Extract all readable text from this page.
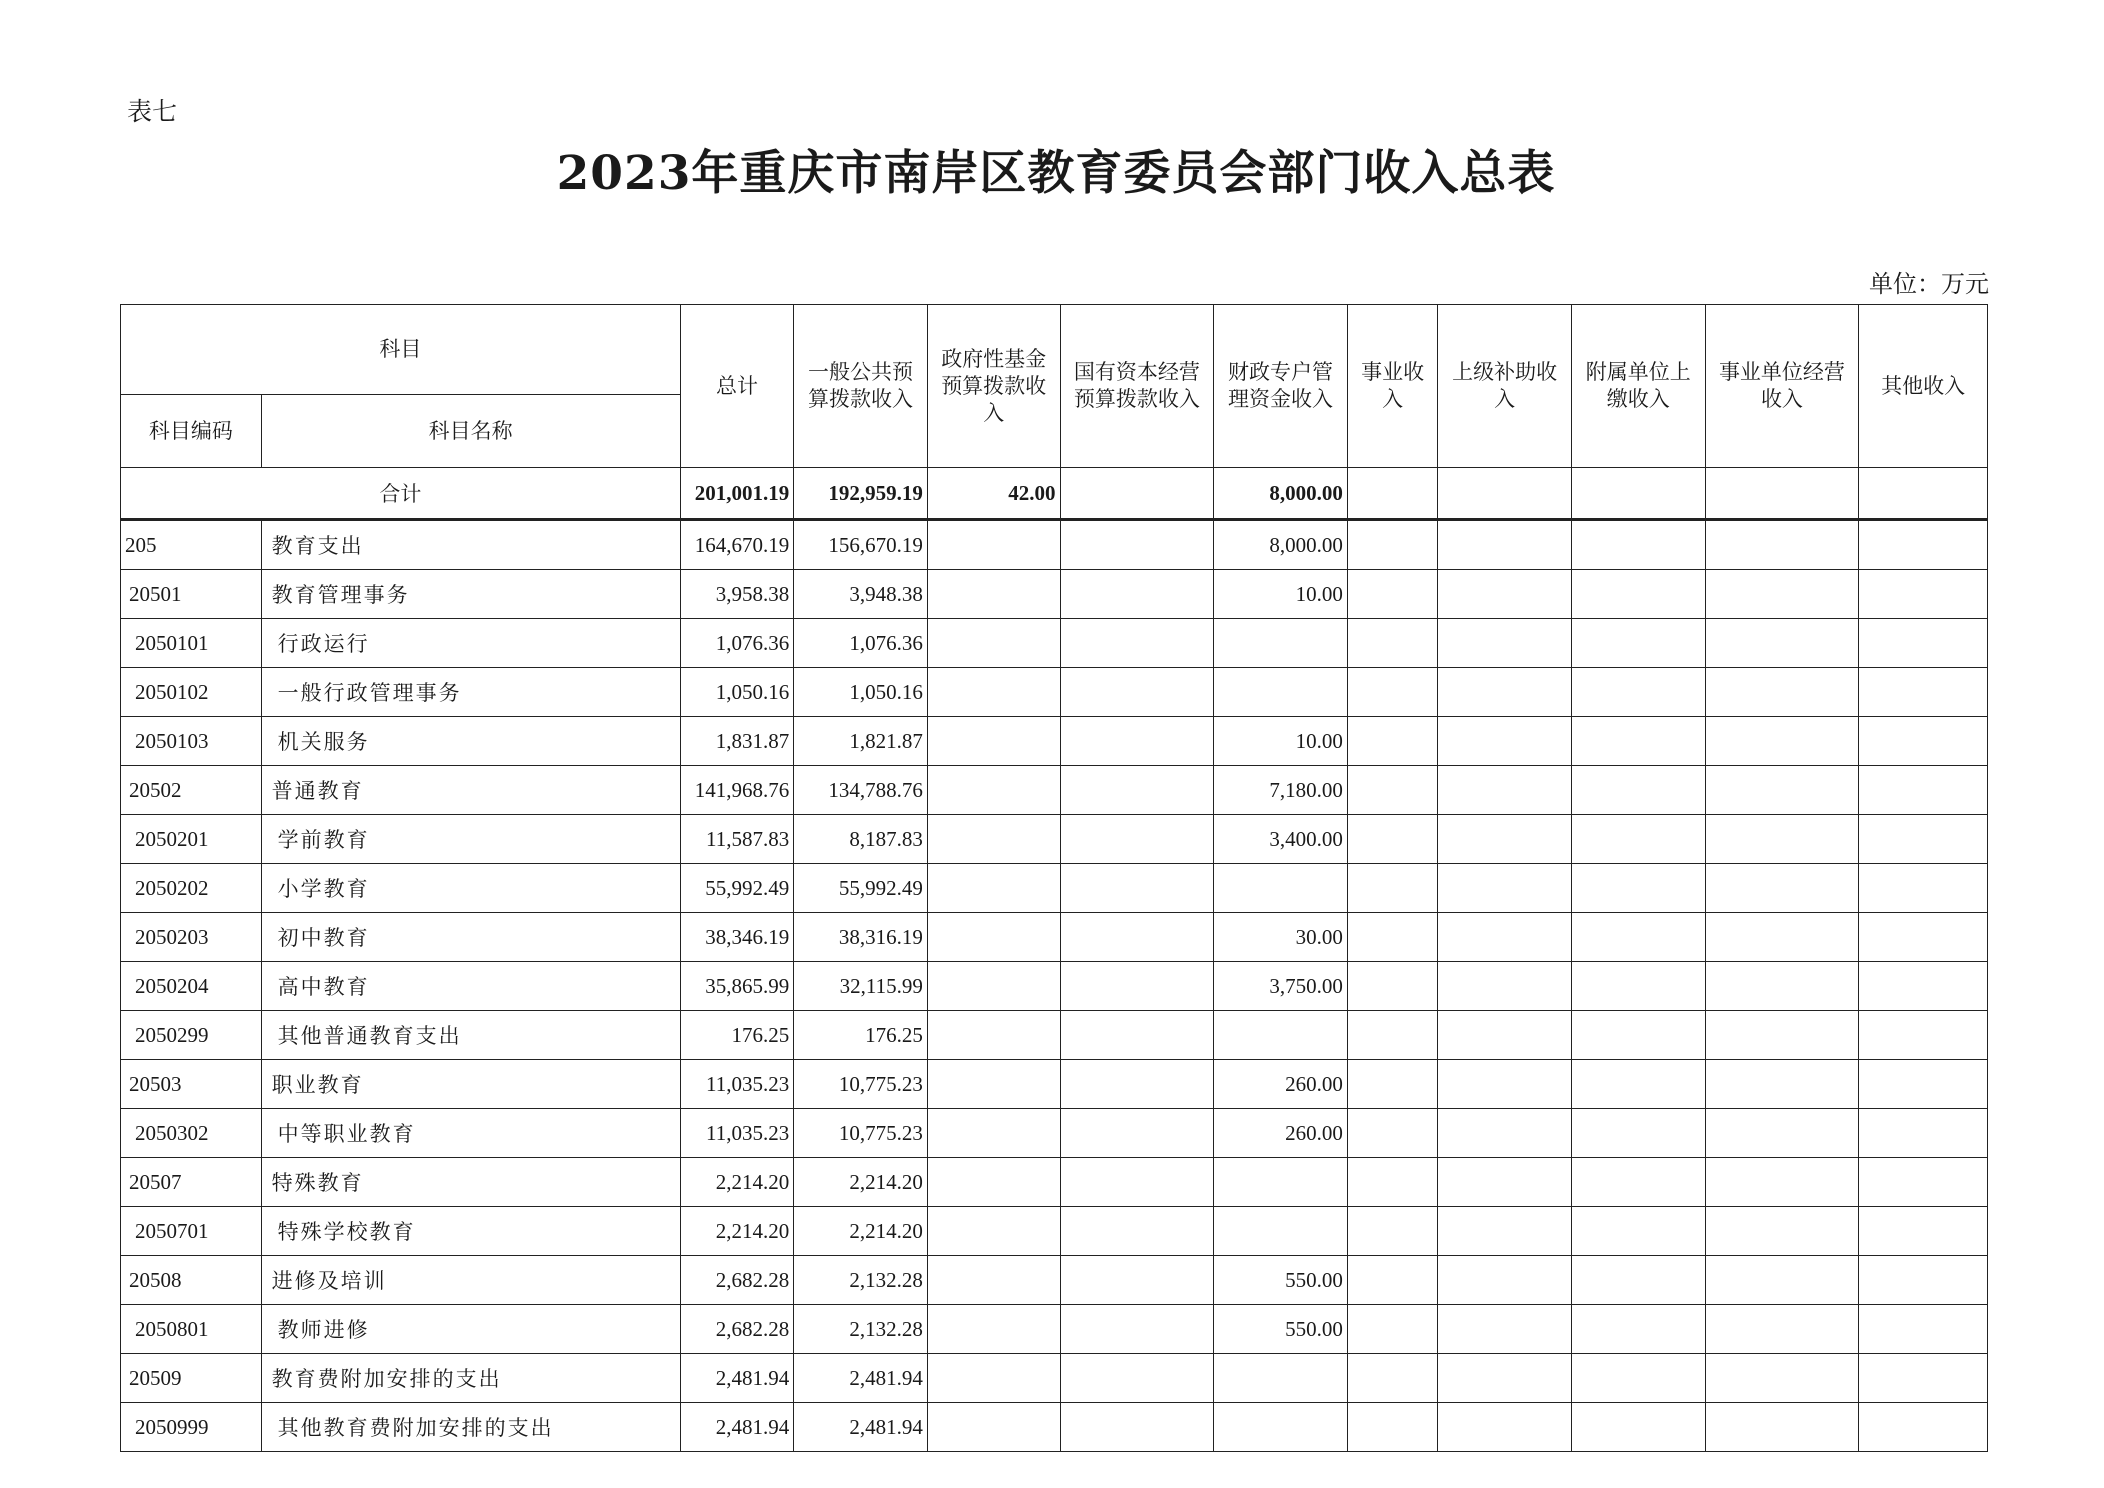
表七
2023年重庆市南岸区教育委员会部门收入总表
单位：万元
科目		总计	一般公共预算拨款收入	政府性基金预算拨款收入	国有资本经营预算拨款收入	财政专户管理资金收入	事业收入	上级补助收入	附属单位上缴收入	事业单位经营收入	其他收入
科目编码	科目名称										
合计		201,001.19	192,959.19	42.00		8,000.00					
205	教育支出	164,670.19	156,670.19			8,000.00					
20501	教育管理事务	3,958.38	3,948.38			10.00					
2050101	行政运行	1,076.36	1,076.36								
2050102	一般行政管理事务	1,050.16	1,050.16								
2050103	机关服务	1,831.87	1,821.87			10.00					
20502	普通教育	141,968.76	134,788.76			7,180.00					
2050201	学前教育	11,587.83	8,187.83			3,400.00					
2050202	小学教育	55,992.49	55,992.49								
2050203	初中教育	38,346.19	38,316.19			30.00					
2050204	高中教育	35,865.99	32,115.99			3,750.00					
2050299	其他普通教育支出	176.25	176.25								
20503	职业教育	11,035.23	10,775.23			260.00					
2050302	中等职业教育	11,035.23	10,775.23			260.00					
20507	特殊教育	2,214.20	2,214.20								
2050701	特殊学校教育	2,214.20	2,214.20								
20508	进修及培训	2,682.28	2,132.28			550.00					
2050801	教师进修	2,682.28	2,132.28			550.00					
20509	教育费附加安排的支出	2,481.94	2,481.94								
2050999	其他教育费附加安排的支出	2,481.94	2,481.94								
